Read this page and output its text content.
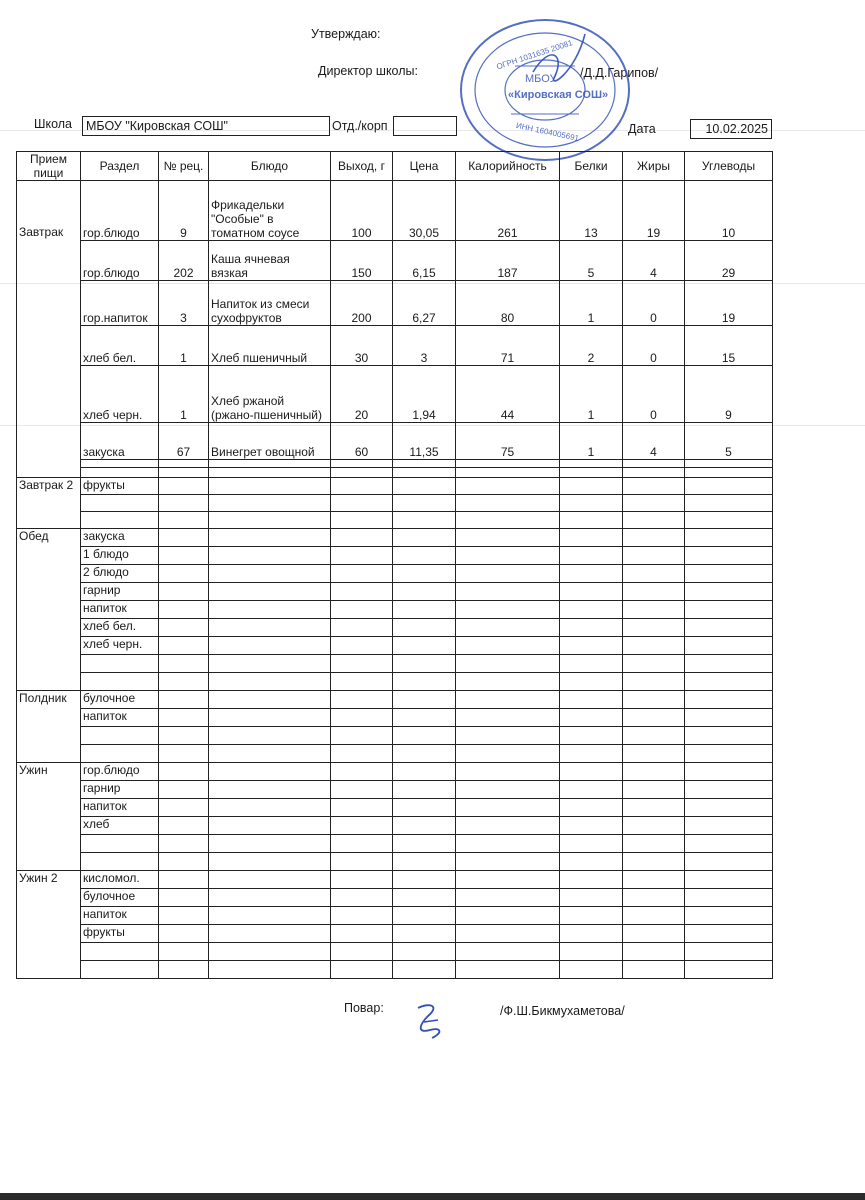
Утверждаю:
Директор школы:	/Д.Д.Гарипов/
МБОУ
«Кировская СОШ»
ОГРН 1031635 20081
ИНН 1604005691
Школа	МБОУ "Кировская СОШ"	Отд./корп	Дата	10.02.2025
Прием пищи	Раздел	№ рец.	Блюдо	Выход, г	Цена	Калорийность	Белки	Жиры	Углеводы
Завтрак	гор.блюдо	9	Фрикадельки "Особые" в томатном соусе	100	30,05	261	13	19	10
	гор.блюдо	202	Каша ячневая вязкая	150	6,15	187	5	4	29
	гор.напиток	3	Напиток из смеси сухофруктов	200	6,27	80	1	0	19
	хлеб бел.	1	Хлеб пшеничный	30	3	71	2	0	15
	хлеб черн.	1	Хлеб ржаной (ржано-пшеничный)	20	1,94	44	1	0	9
	закуска	67	Винегрет овощной	60	11,35	75	1	4	5

Завтрак 2	фрукты								

Обед	закуска								
	1 блюдо								
	2 блюдо								
	гарнир								
	напиток								
	хлеб бел.								
	хлеб черн.								

Полдник	булочное								
	напиток								

Ужин	гор.блюдо								
	гарнир								
	напиток								
	хлеб								

Ужин 2	кисломол.								
	булочное								
	напиток								
	фрукты								

Повар:	/Ф.Ш.Бикмухаметова/
